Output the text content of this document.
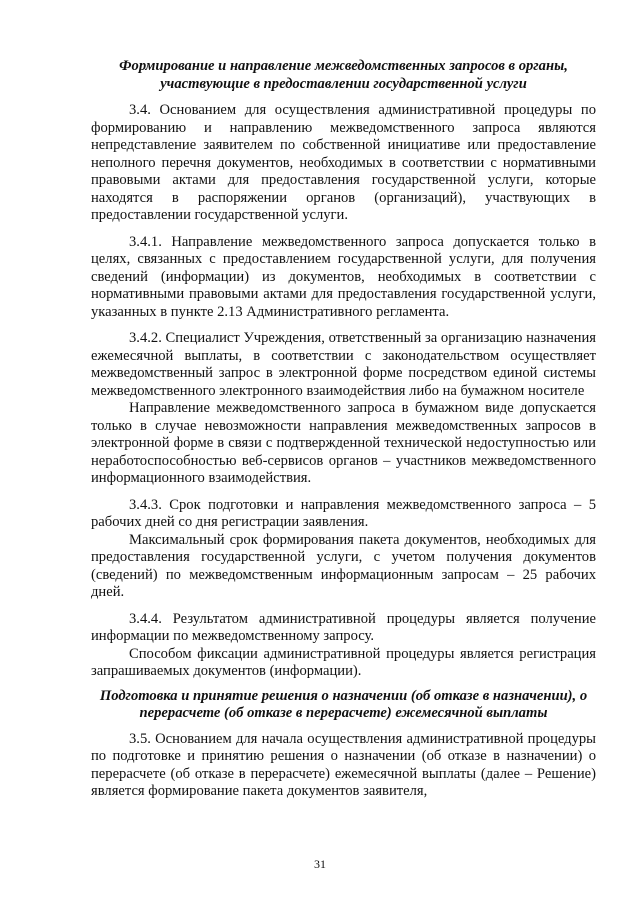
Формирование и направление межведомственных запросов в органы, участвующие в предоставлении государственной услуги

3.4. Основанием для осуществления административной процедуры по формированию и направлению межведомственного запроса являются непредставление заявителем по собственной инициативе или предоставление неполного перечня документов, необходимых в соответствии с нормативными правовыми актами для предоставления государственной услуги, которые находятся в распоряжении органов (организаций), участвующих в предоставлении государственной услуги.

3.4.1. Направление межведомственного запроса допускается только в целях, связанных с предоставлением государственной услуги, для получения сведений (информации) из документов, необходимых в соответствии с нормативными правовыми актами для предоставления государственной услуги, указанных в пункте 2.13 Административного регламента.

3.4.2. Специалист Учреждения, ответственный за организацию назначения ежемесячной выплаты, в соответствии с законодательством осуществляет межведомственный запрос в электронной форме посредством единой системы межведомственного электронного взаимодействия либо на бумажном носителе

Направление межведомственного запроса в бумажном виде допускается только в случае невозможности направления межведомственных запросов в электронной форме в связи с подтвержденной технической недоступностью или неработоспособностью веб-сервисов органов – участников межведомственного информационного взаимодействия.

3.4.3. Срок подготовки и направления межведомственного запроса – 5 рабочих дней со дня регистрации заявления.

Максимальный срок формирования пакета документов, необходимых для предоставления государственной услуги, с учетом получения документов (сведений) по межведомственным информационным запросам – 25 рабочих дней.

3.4.4. Результатом административной процедуры является получение информации по межведомственному запросу.

Способом фиксации административной процедуры является регистрация запрашиваемых документов (информации).

Подготовка и принятие решения о назначении (об отказе в назначении), о перерасчете (об отказе в перерасчете) ежемесячной выплаты

3.5. Основанием для начала осуществления административной процедуры по подготовке и принятию решения о назначении (об отказе в назначении) о перерасчете (об отказе в перерасчете) ежемесячной выплаты (далее – Решение) является формирование пакета документов заявителя,

31
